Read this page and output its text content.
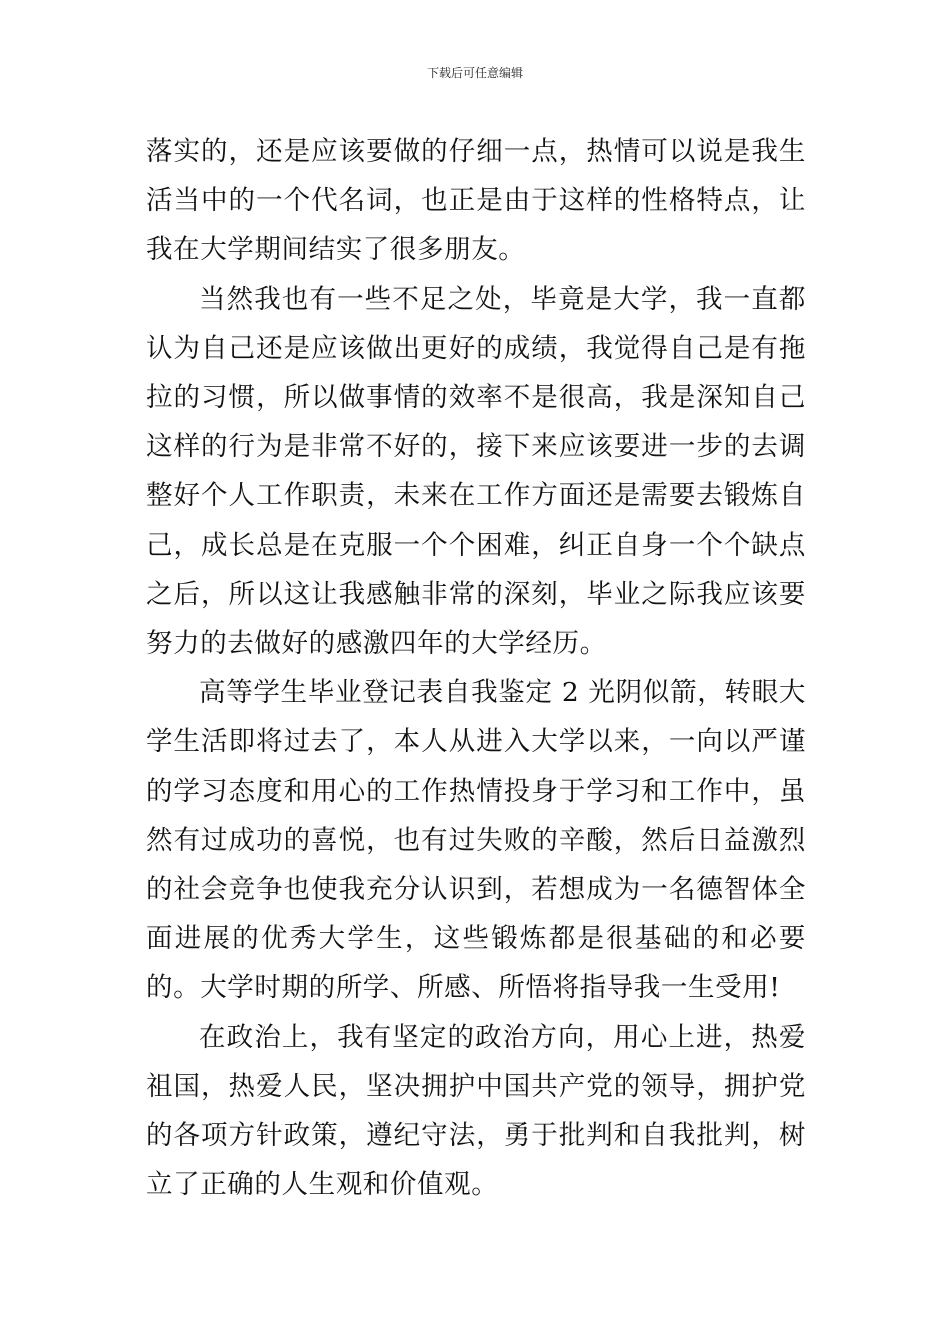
下载后可任意编辑

落实的，还是应该要做的仔细一点，热情可以说是我生活当中的一个代名词，也正是由于这样的性格特点，让我在大学期间结实了很多朋友。

当然我也有一些不足之处，毕竟是大学，我一直都认为自己还是应该做出更好的成绩，我觉得自己是有拖拉的习惯，所以做事情的效率不是很高，我是深知自己这样的行为是非常不好的，接下来应该要进一步的去调整好个人工作职责，未来在工作方面还是需要去锻炼自己，成长总是在克服一个个困难，纠正自身一个个缺点之后，所以这让我感触非常的深刻，毕业之际我应该要努力的去做好的感激四年的大学经历。

高等学生毕业登记表自我鉴定 2 光阴似箭，转眼大学生活即将过去了，本人从进入大学以来，一向以严谨的学习态度和用心的工作热情投身于学习和工作中，虽然有过成功的喜悦，也有过失败的辛酸，然后日益激烈的社会竞争也使我充分认识到，若想成为一名德智体全面进展的优秀大学生，这些锻炼都是很基础的和必要的。大学时期的所学、所感、所悟将指导我一生受用!

在政治上，我有坚定的政治方向，用心上进，热爱祖国，热爱人民，坚决拥护中国共产党的领导，拥护党的各项方针政策，遵纪守法，勇于批判和自我批判，树立了正确的人生观和价值观。
